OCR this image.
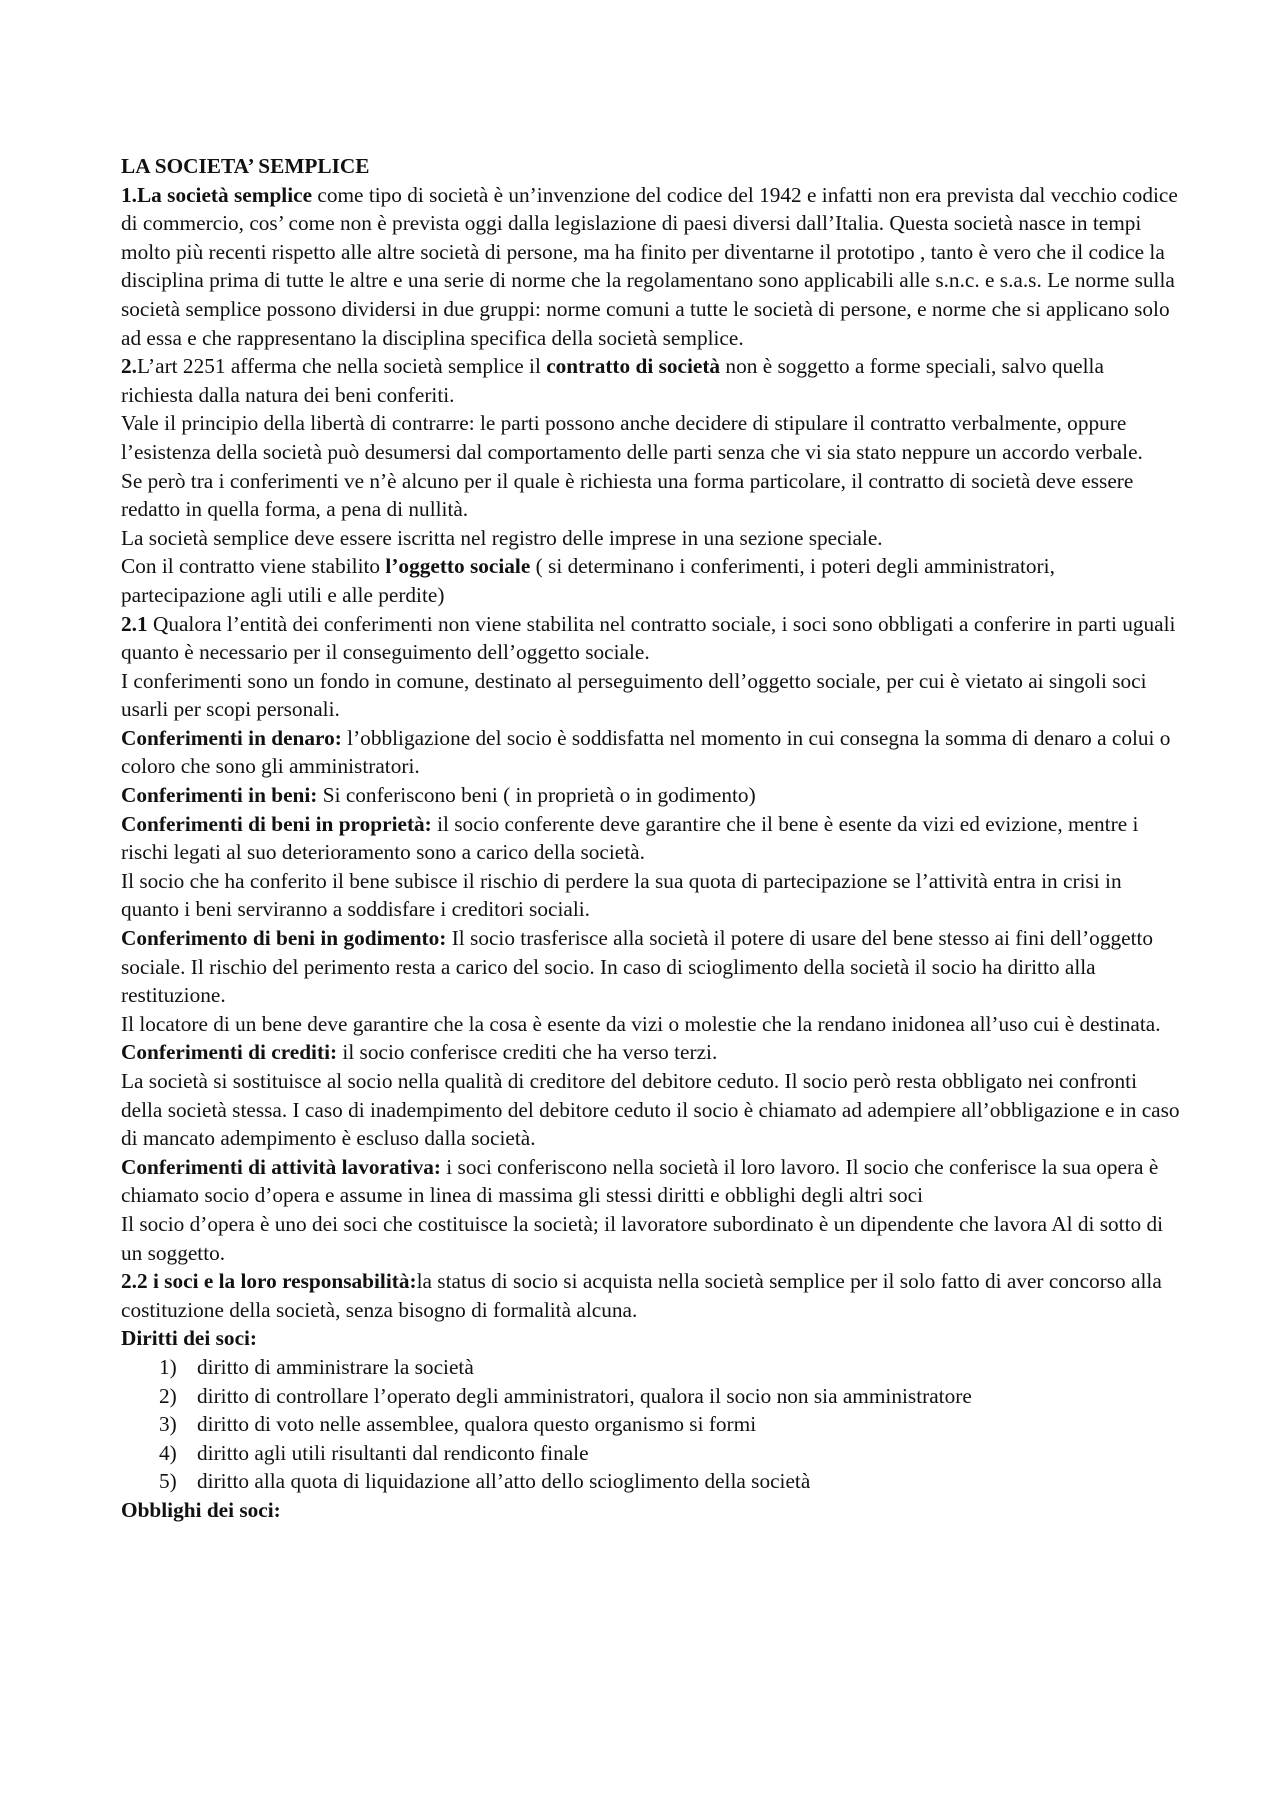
LA SOCIETA’ SEMPLICE

1.La società semplice come tipo di società è un’invenzione del codice del 1942 e infatti non era prevista dal vecchio codice di commercio, cos’ come non è prevista oggi dalla legislazione di paesi diversi dall’Italia. Questa società nasce in tempi molto più recenti rispetto alle altre società di persone, ma ha finito per diventarne il prototipo , tanto è vero che il codice la disciplina prima di tutte le altre e una serie di norme che la regolamentano sono applicabili alle s.n.c. e s.a.s. Le norme sulla società semplice possono dividersi in due gruppi: norme comuni a tutte le società di persone, e norme che si applicano solo ad essa e che rappresentano la disciplina specifica della società semplice.

2.L’art 2251 afferma che nella società semplice il contratto di società non è soggetto a forme speciali, salvo quella richiesta dalla natura dei beni conferiti.

Vale il principio della libertà di contrarre: le parti possono anche decidere di stipulare il contratto verbalmente, oppure l’esistenza della società può desumersi dal comportamento delle parti senza che vi sia stato neppure un accordo verbale.

Se però tra i conferimenti ve n’è alcuno per il quale è richiesta una forma particolare, il contratto di società deve essere redatto in quella forma, a pena di nullità.

La società semplice deve essere iscritta nel registro delle imprese in una sezione speciale.

Con il contratto viene stabilito l’oggetto sociale ( si determinano i conferimenti, i poteri degli amministratori, partecipazione agli utili e alle perdite)

2.1 Qualora l’entità dei conferimenti non viene stabilita nel contratto sociale, i soci sono obbligati a conferire in parti uguali quanto è necessario per il conseguimento dell’oggetto sociale.

I conferimenti sono un fondo in comune, destinato al perseguimento dell’oggetto sociale, per cui è vietato ai singoli soci usarli per scopi personali.

Conferimenti in denaro: l’obbligazione del socio è soddisfatta nel momento in cui consegna la somma di denaro a colui o coloro che sono gli amministratori.

Conferimenti in beni: Si conferiscono beni ( in proprietà o in godimento)

Conferimenti di beni in proprietà: il socio conferente deve garantire che il bene è esente da vizi ed evizione, mentre i rischi legati al suo deterioramento sono a carico della società.

Il socio che ha conferito il bene subisce il rischio di perdere la sua quota di partecipazione se l’attività entra in crisi in quanto i beni serviranno a soddisfare i creditori sociali.

Conferimento di beni in godimento: Il socio trasferisce alla società il potere di usare del bene stesso ai fini dell’oggetto sociale. Il rischio del perimento resta a carico del socio. In caso di scioglimento della società il socio ha diritto alla restituzione.

Il locatore di un bene deve garantire che la cosa è esente da vizi o molestie che la rendano inidonea all’uso cui è destinata.

Conferimenti di crediti: il socio conferisce crediti che ha verso terzi.

La società si sostituisce al socio nella qualità di creditore del debitore ceduto. Il socio però resta obbligato nei confronti della società stessa. I caso di inadempimento del debitore ceduto il socio è chiamato ad adempiere all’obbligazione e in caso di mancato adempimento è escluso dalla società.

Conferimenti di attività lavorativa: i soci conferiscono nella società il loro lavoro. Il socio che conferisce la sua opera è chiamato socio d’opera e assume in linea di massima gli stessi diritti e obblighi degli altri soci

Il socio d’opera è uno dei soci che costituisce la società; il lavoratore subordinato è un dipendente che lavora Al di sotto di un soggetto.

2.2 i soci e la loro responsabilità:la status di socio si acquista nella società semplice per il solo fatto di aver concorso alla costituzione della società, senza bisogno di formalità alcuna.

Diritti dei soci:

1) diritto di amministrare la società
2) diritto di controllare l’operato degli amministratori, qualora il socio non sia amministratore
3) diritto di voto nelle assemblee, qualora questo organismo si formi
4) diritto agli utili risultanti dal rendiconto finale
5) diritto alla quota di liquidazione all’atto dello scioglimento della società

Obblighi dei soci:
